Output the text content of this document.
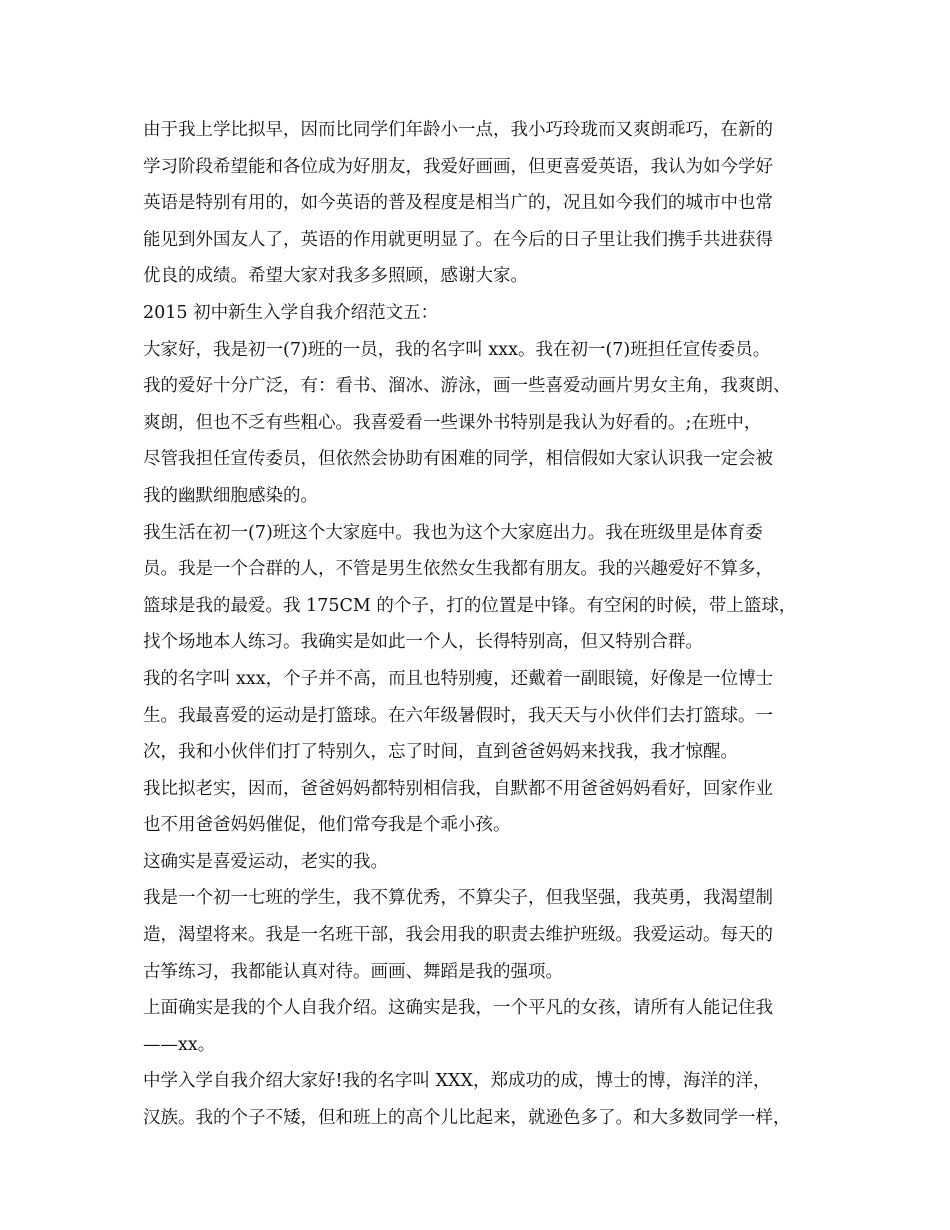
由于我上学比拟早，因而比同学们年龄小一点，我小巧玲珑而又爽朗乖巧，在新的
学习阶段希望能和各位成为好朋友，我爱好画画，但更喜爱英语，我认为如今学好
英语是特别有用的，如今英语的普及程度是相当广的，况且如今我们的城市中也常
能见到外国友人了，英语的作用就更明显了。在今后的日子里让我们携手共进获得
优良的成绩。希望大家对我多多照顾，感谢大家。
2015 初中新生入学自我介绍范文五：
大家好，我是初一(7)班的一员，我的名字叫 xxx。我在初一(7)班担任宣传委员。
我的爱好十分广泛，有：看书、溜冰、游泳，画一些喜爱动画片男女主角，我爽朗、
爽朗，但也不乏有些粗心。我喜爱看一些课外书特别是我认为好看的。;在班中，
尽管我担任宣传委员，但依然会协助有困难的同学，相信假如大家认识我一定会被
我的幽默细胞感染的。
我生活在初一(7)班这个大家庭中。我也为这个大家庭出力。我在班级里是体育委
员。我是一个合群的人，不管是男生依然女生我都有朋友。我的兴趣爱好不算多，
篮球是我的最爱。我 175CM 的个子，打的位置是中锋。有空闲的时候，带上篮球，
找个场地本人练习。我确实是如此一个人，长得特别高，但又特别合群。
我的名字叫 xxx，个子并不高，而且也特别瘦，还戴着一副眼镜，好像是一位博士
生。我最喜爱的运动是打篮球。在六年级暑假时，我天天与小伙伴们去打篮球。一
次，我和小伙伴们打了特别久，忘了时间，直到爸爸妈妈来找我，我才惊醒。
我比拟老实，因而，爸爸妈妈都特别相信我，自默都不用爸爸妈妈看好，回家作业
也不用爸爸妈妈催促，他们常夸我是个乖小孩。
这确实是喜爱运动，老实的我。
我是一个初一七班的学生，我不算优秀，不算尖子，但我坚强，我英勇，我渴望制
造，渴望将来。我是一名班干部，我会用我的职责去维护班级。我爱运动。每天的
古筝练习，我都能认真对待。画画、舞蹈是我的强项。
上面确实是我的个人自我介绍。这确实是我，一个平凡的女孩，请所有人能记住我
——xx。
中学入学自我介绍大家好!我的名字叫 XXX，郑成功的成，博士的博，海洋的洋，
汉族。我的个子不矮，但和班上的高个儿比起来，就逊色多了。和大多数同学一样，
